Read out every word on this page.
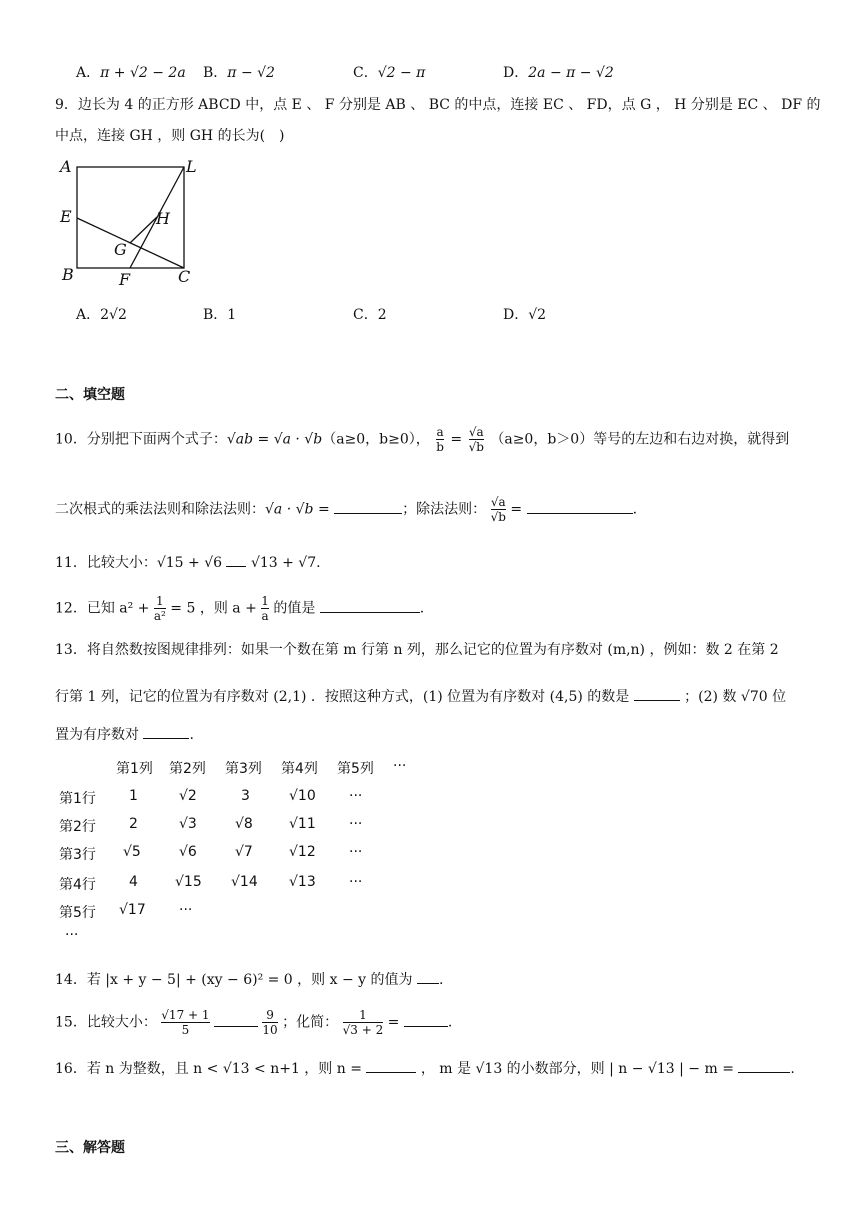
A．π + √2 − 2a B．π − √2	C．√2 − π	D．2a − π − √2
9．边长为 4 的正方形 ABCD 中，点 E 、 F 分别是 AB 、 BC 的中点，连接 EC 、 FD，点 G ， H 分别是 EC 、 DF 的
中点，连接 GH ，则 GH 的长为(　)
A	L
E	H
G
B	F	C
A．2√2	B．1	C．2	D．√2
二、填空题
10．分别把下面两个式子：√ab = √a · √b（a≥0，b≥0）， $\frac{a}{b} = \frac{√a}{√b} (a\ge 0$，b＞0）等号的左边和右边对换，就得到
二次根式的乘法法则和除法法则：√a · √b =	；除法法则： $\frac{√a}{√b}$ =	.
11．比较大小：√15 + √6 √13 + √7.
12．已知 $a^2 + \frac{1}{\text{a²}} = 5$ ，则 $a + \frac{1}{a}$ 的值是	.
13．将自然数按图规律排列：如果一个数在第 m 行第 n 列，那么记它的位置为有序数对 (m,n) ，例如：数 2 在第 2
行第 1 列，记它的位置为有序数对 (2,1) ．按照这种方式，(1) 位置为有序数对 (4,5) 的数是	；(2) 数 √70 位
置为有序数对	.
第1列 第2列 第3列 第4列 第5列 ···
第1行 1	√2	3	√10 ···
第2行 2	√3	√8	√11 ···
第3行 √5	√6	√7	√12 ···
第4行 4	√15 √14 √13 ···
第5行 √17 ···
···
14．若 |x + y − 5| + (xy − 6)² = 0 ，则 x − y 的值为 .
15．比较大小： $\frac{√17 + 1}{5}$
	$\frac{9}{10}$ ；化简： $\frac{1}{√3 + 2}$ =	.
16．若 n 为整数，且 n < √13 < n+1 ，则 n =	， m 是 √13 的小数部分，则 | n − √13 | − m =	.
三、解答题
